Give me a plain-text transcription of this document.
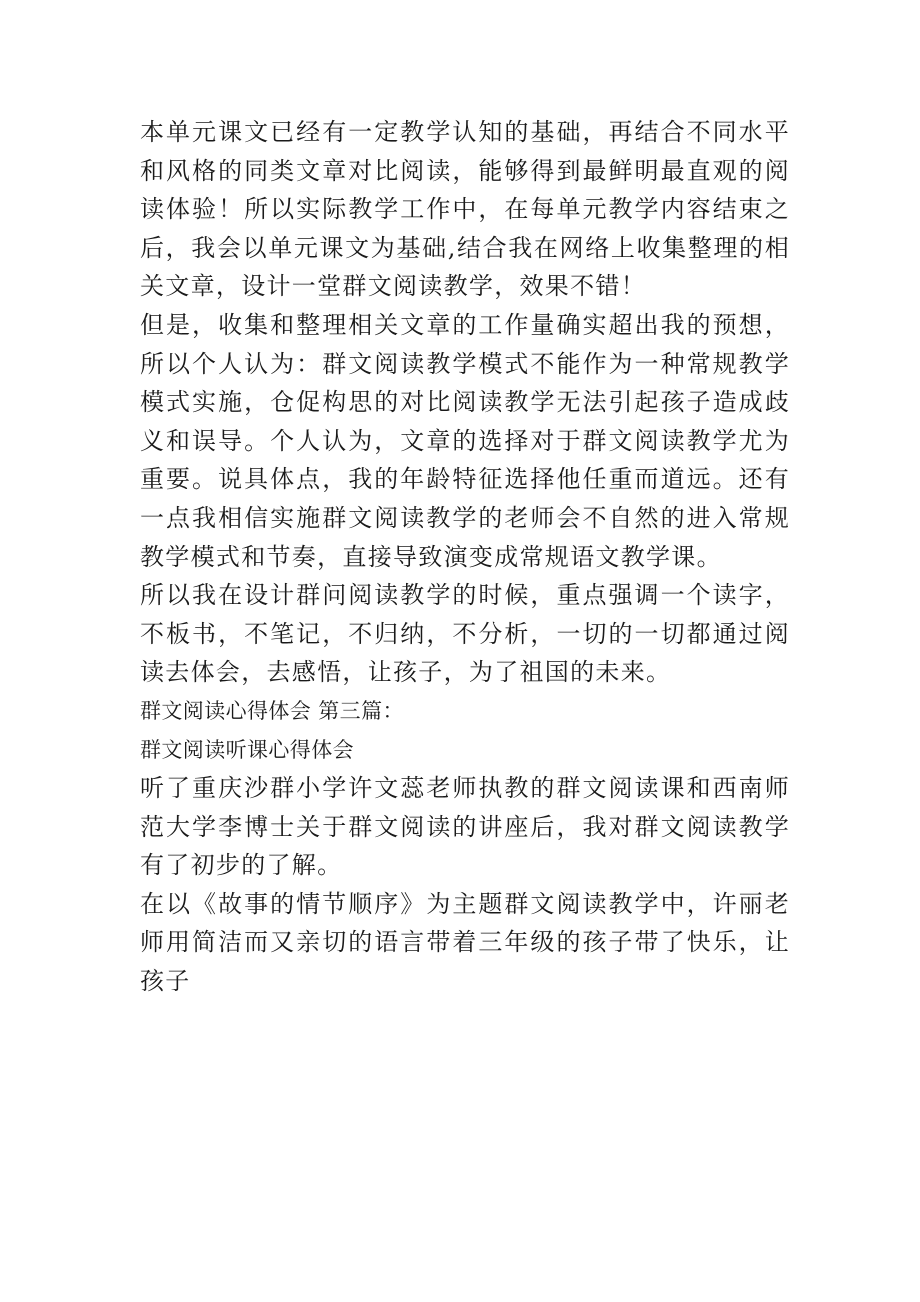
本单元课文已经有一定教学认知的基础，再结合不同水平和风格的同类文章对比阅读，能够得到最鲜明最直观的阅读体验！所以实际教学工作中，在每单元教学内容结束之后，我会以单元课文为基础,结合我在网络上收集整理的相关文章，设计一堂群文阅读教学，效果不错！

但是，收集和整理相关文章的工作量确实超出我的预想，所以个人认为：群文阅读教学模式不能作为一种常规教学模式实施，仓促构思的对比阅读教学无法引起孩子造成歧义和误导。个人认为，文章的选择对于群文阅读教学尤为重要。说具体点，我的年龄特征选择他任重而道远。还有一点我相信实施群文阅读教学的老师会不自然的进入常规教学模式和节奏，直接导致演变成常规语文教学课。

所以我在设计群问阅读教学的时候，重点强调一个读字，不板书，不笔记，不归纳，不分析，一切的一切都通过阅读去体会，去感悟，让孩子，为了祖国的未来。

群文阅读心得体会 第三篇：

群文阅读听课心得体会

听了重庆沙群小学许文蕊老师执教的群文阅读课和西南师范大学李博士关于群文阅读的讲座后，我对群文阅读教学有了初步的了解。

在以《故事的情节顺序》为主题群文阅读教学中，许丽老师用简洁而又亲切的语言带着三年级的孩子带了快乐，让孩子
